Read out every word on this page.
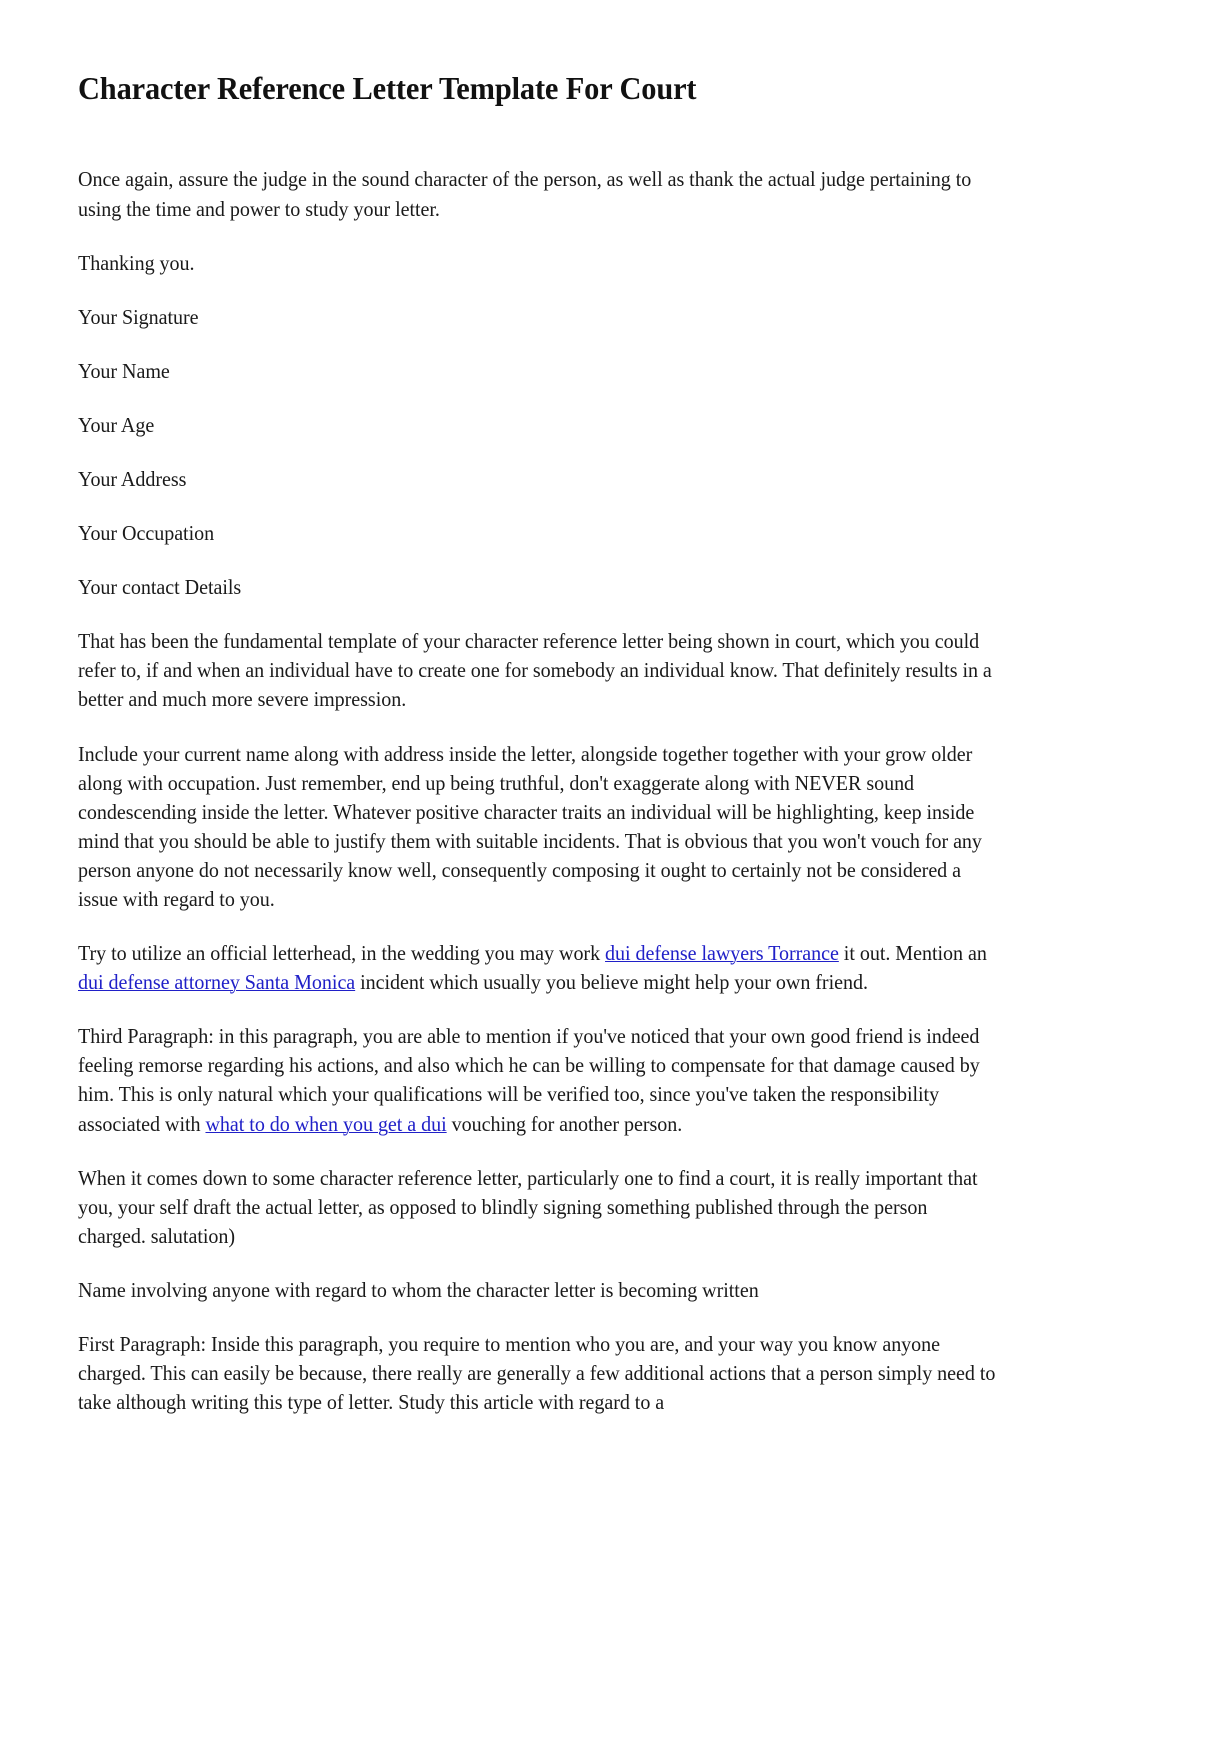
Character Reference Letter Template For Court

Once again, assure the judge in the sound character of the person, as well as thank the actual judge pertaining to using the time and power to study your letter.

Thanking you.

Your Signature

Your Name

Your Age

Your Address

Your Occupation

Your contact Details

That has been the fundamental template of your character reference letter being shown in court, which you could refer to, if and when an individual have to create one for somebody an individual know. That definitely results in a better and much more severe impression.

Include your current name along with address inside the letter, alongside together together with your grow older along with occupation. Just remember, end up being truthful, don't exaggerate along with NEVER sound condescending inside the letter. Whatever positive character traits an individual will be highlighting, keep inside mind that you should be able to justify them with suitable incidents. That is obvious that you won't vouch for any person anyone do not necessarily know well, consequently composing it ought to certainly not be considered a issue with regard to you.

Try to utilize an official letterhead, in the wedding you may work dui defense lawyers Torrance it out. Mention an dui defense attorney Santa Monica incident which usually you believe might help your own friend.

Third Paragraph: in this paragraph, you are able to mention if you've noticed that your own good friend is indeed feeling remorse regarding his actions, and also which he can be willing to compensate for that damage caused by him. This is only natural which your qualifications will be verified too, since you've taken the responsibility associated with what to do when you get a dui vouching for another person.

When it comes down to some character reference letter, particularly one to find a court, it is really important that you, your self draft the actual letter, as opposed to blindly signing something published through the person charged. salutation)

Name involving anyone with regard to whom the character letter is becoming written

First Paragraph: Inside this paragraph, you require to mention who you are, and your way you know anyone charged. This can easily be because, there really are generally a few additional actions that a person simply need to take although writing this type of letter. Study this article with regard to a
